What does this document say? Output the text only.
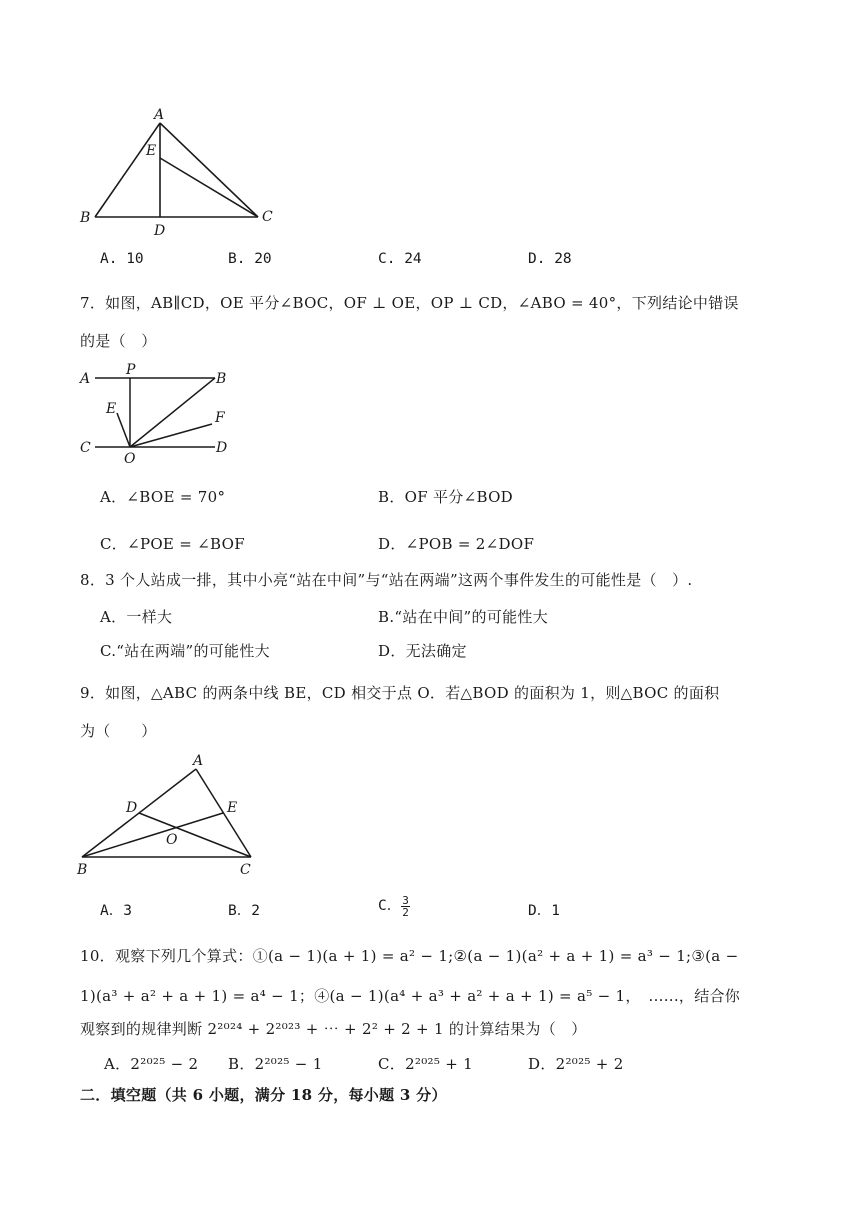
A
E
B
D
C
A. 10	B. 20	C. 24	D. 28
7．如图，AB∥CD，OE 平分∠BOC，OF ⊥ OE，OP ⊥ CD，∠ABO = 40°，下列结论中错误
的是（　）
A
P
B
E
F
C
O
D
A．∠BOE = 70°	B．OF 平分∠BOD
C．∠POE = ∠BOF	D．∠POB = 2∠DOF
8．3 个人站成一排，其中小亮“站在中间”与“站在两端”这两个事件发生的可能性是（　）.
A．一样大	B.“站在中间”的可能性大
C.“站在两端”的可能性大	D．无法确定
9．如图，△ABC 的两条中线 BE，CD 相交于点 O．若△BOD 的面积为 1，则△BOC 的面积
为（　　）
A
D	E
O
B	C
A．3	B．2	C． $\frac{3}{2}$	D．1
10．观察下列几个算式：①(a − 1)(a + 1) = a² − 1;②(a − 1)(a² + a + 1) = a³ − 1;③(a −
1)(a³ + a² + a + 1) = a⁴ − 1；④(a − 1)(a⁴ + a³ + a² + a + 1) = a⁵ − 1，　......，结合你
观察到的规律判断 2²⁰²⁴ + 2²⁰²³ + ⋯ + 2² + 2 + 1 的计算结果为（　）
A．2²⁰²⁵ − 2 B．2²⁰²⁵ − 1	C．2²⁰²⁵ + 1	D．2²⁰²⁵ + 2
二．填空题（共 6 小题，满分 18 分，每小题 3 分）
